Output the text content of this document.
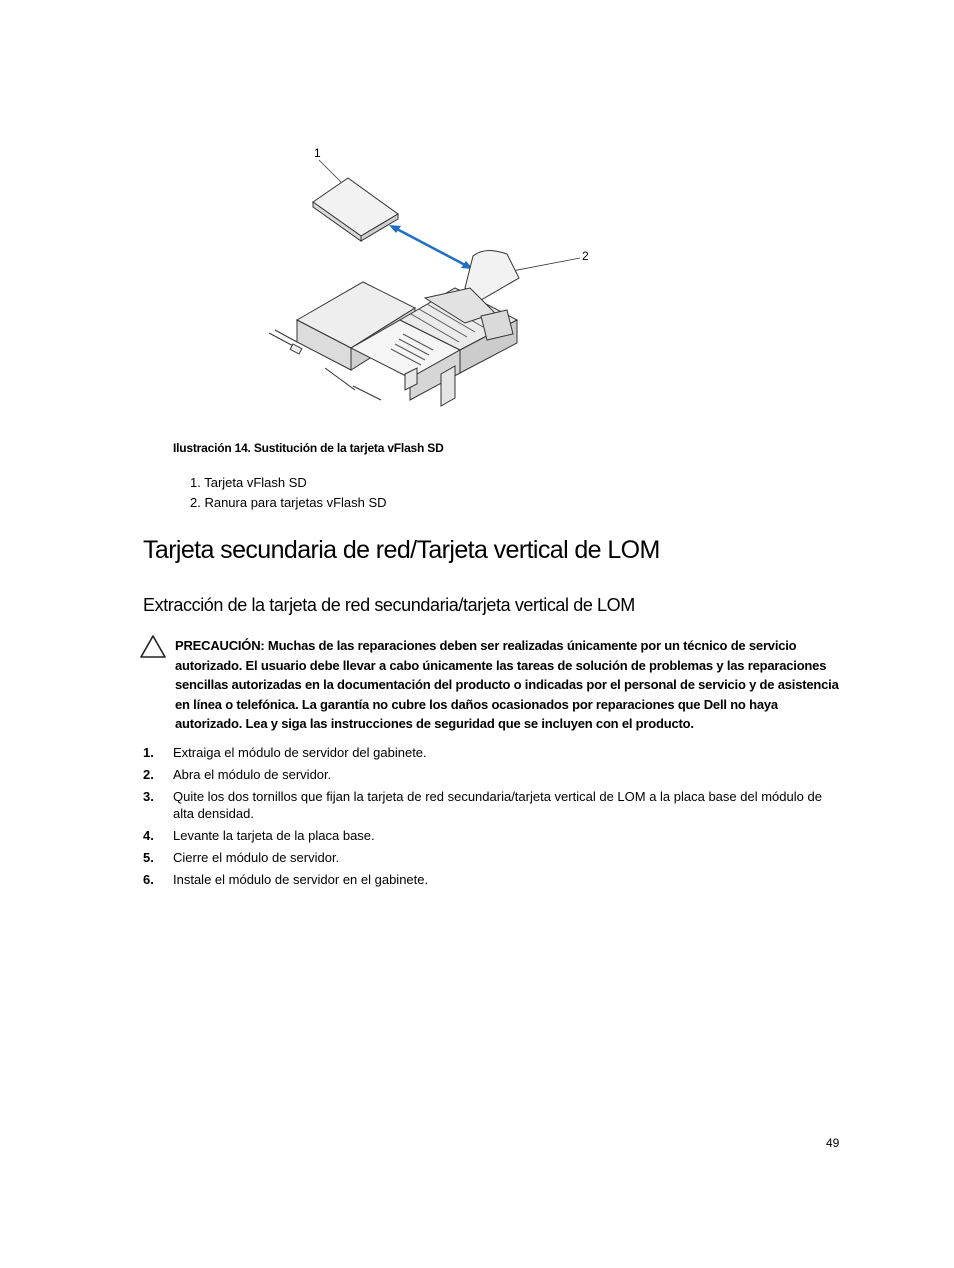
1
2
Ilustración 14. Sustitución de la tarjeta vFlash SD
1. Tarjeta vFlash SD
2. Ranura para tarjetas vFlash SD
Tarjeta secundaria de red/Tarjeta vertical de LOM
Extracción de la tarjeta de red secundaria/tarjeta vertical de LOM
PRECAUCIÓN: Muchas de las reparaciones deben ser realizadas únicamente por un técnico de servicio autorizado. El usuario debe llevar a cabo únicamente las tareas de solución de problemas y las reparaciones sencillas autorizadas en la documentación del producto o indicadas por el personal de servicio y de asistencia en línea o telefónica. La garantía no cubre los daños ocasionados por reparaciones que Dell no haya autorizado. Lea y siga las instrucciones de seguridad que se incluyen con el producto.
1. Extraiga el módulo de servidor del gabinete.
2. Abra el módulo de servidor.
3. Quite los dos tornillos que fijan la tarjeta de red secundaria/tarjeta vertical de LOM a la placa base del módulo de alta densidad.
4. Levante la tarjeta de la placa base.
5. Cierre el módulo de servidor.
6. Instale el módulo de servidor en el gabinete.
49
